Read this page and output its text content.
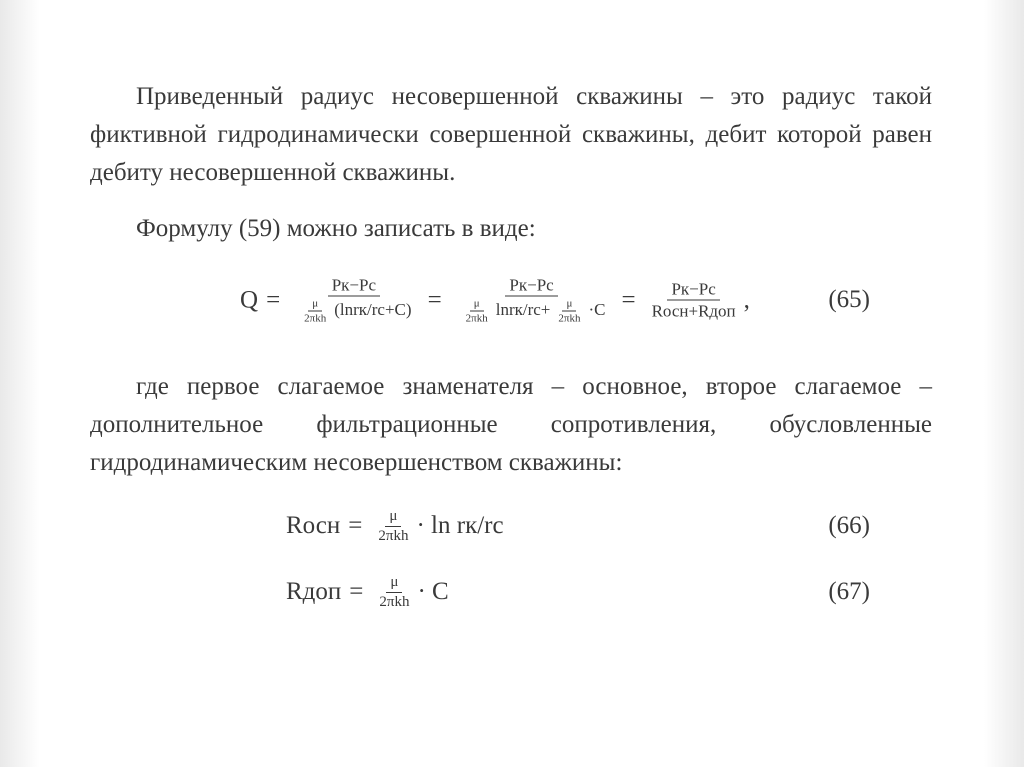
Приведенный радиус несовершенной скважины – это радиус такой фиктивной гидродинамически совершенной скважины, дебит которой равен дебиту несовершенной скважины.

Формулу (59) можно записать в виде:

$Q = \frac{Pк-Pс}{\frac{\mu}{\text{2πkh}} (\ln rк/rс+C)}$ =
Pк−Pс
$\frac{\mu}{\text{2πkh}} \ln rк/rс+ \frac{\mu}{\text{2πkh}} \cdot C = \frac{Pк-Pс}{\text{Rосн+Rдоп}}$ ,	(65)

где первое слагаемое знаменателя – основное, второе слагаемое – дополнительное фильтрационные сопротивления, обусловленные гидродинамическим несовершенством скважины:

Rосн = $\frac{\mu}{\text{2πkh}} \cdot \ln rк/rс$	(66)
Rдоп = $\frac{\mu}{\text{2πkh}} \cdot C$	(67)
